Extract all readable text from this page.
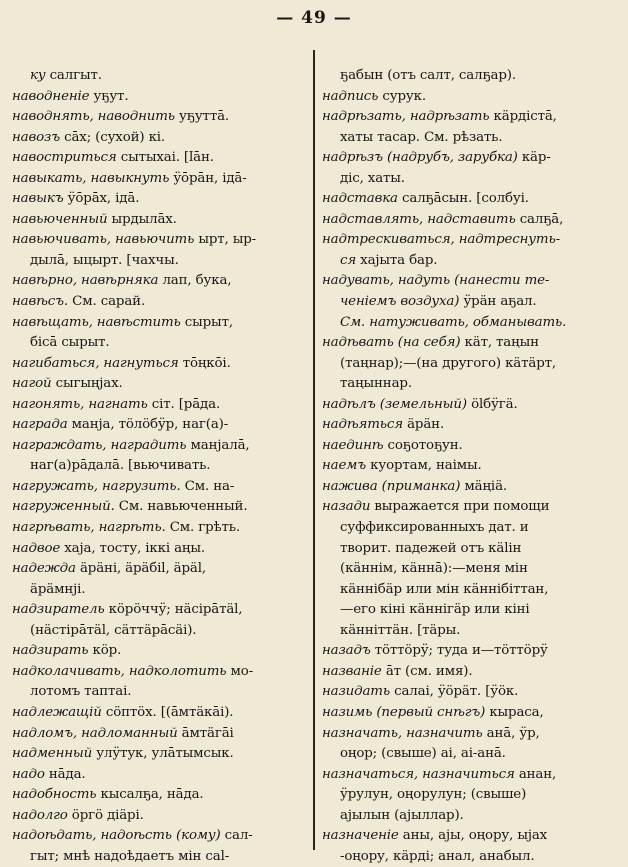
— 49 —
ку салгыт.
наводненіе уҕут.
наводнять, наводнить уҕуттā.
навозъ сāх; (сухой) кі.
навостриться сытыхаі. [ӏāн.
навыкать, навыкнуть ӱōрāн, ідā-
навыкъ ӱōрāх, ідā.
навьюченный ырдылāх.
навьючивать, навьючить ырт, ыр-
дылā, ыцырт. [чахчы.
навѣрно, навѣрняка лап, бука,
навѣсъ. См. сарай.
навѣщать, навѣстить сырыт,
бісā сырыт.
нагибаться, нагнуться тōңкōі.
нагой сыгыңјах.
нагонять, нагнать сіт. [рāда.
награда манја, тöлöбӱр, наг(а)-
награждать, наградить манјалā,
наг(а)рāдалā. [вьючивать.
нагружать, нагрузить. См. на-
нагруженный. См. навьюченный.
нагрѣвать, нагрѣть. См. грѣть.
надвое хаја, тосту, іккі аңы.
надежда äрäні, äрäбіl, äрäl,
äрäмнјі.
надзиратель кöрöччӱ; нäсірāтäl,
(нäстірāтäl, сäттäрāсäі).
надзирать кöр.
надколачивать, надколотить мо-
лотомъ таптаі.
надлежащій сöптöх. [(āмтäкāі).
надломъ, надломанный āмтäгāі
надменный улӱтук, улāтымсык.
надо нāда.
надобность кысалҕа, нāда.
надолго öргö діäрі.
надоѣдать, надоѣсть (кому) сал-
гыт; мнѣ надоѣдаетъ мін саl-
ҕабын (отъ салт, салҕар).
надпись сурук.
надрѣзать, надрѣзать кäрдістā,
хаты тасар. См. рѣзать.
надрѣзъ (надрубъ, зарубка) кäр-
діс, хаты.
надставка салҕāсын. [солбуі.
надставлять, надставить салҕā,
надтрескиваться, надтреснуть-
ся хајыта бар.
надувать, надуть (нанести те-
ченіемъ воздуха) ӱрäн аҕал.
См. натуживать, обманывать.
надѣвать (на себя) кäт, таңын
(таңнар);—(на другого) кäтäрт,
таңыннар.
надѣлъ (земельный) ölбӱгä.
надѣяться äрäн.
наединѣ соҕотоҕун.
наемъ куортам, наімы.
наживa (приманка) мäңіä.
назади выражается при помощи
суффиксированныхъ дат. и
творит. падежей отъ кälін
(кäннім, кäннā):—меня мін
кäннібäр или мін кäннібіттан,
—его кіні кäннігäр или кіні
кäнніттäн. [тäры.
назадъ тöттöрӱ; туда и—тöттöрӱ
названіе āт (см. имя).
назидать салаі, ӱöрäт. [ӱöк.
назимь (первый снѣгъ) кыраса,
назначать, назначить анā, ӱр,
оңор; (свыше) аі, аі-анā.
назначаться, назначиться анан,
ӱрулун, оңорулун; (свыше)
ајылын (ајыллар).
назначеніе аны, ајы, оңору, ыјах
-оңору, кäрді; анал, анабыл.
